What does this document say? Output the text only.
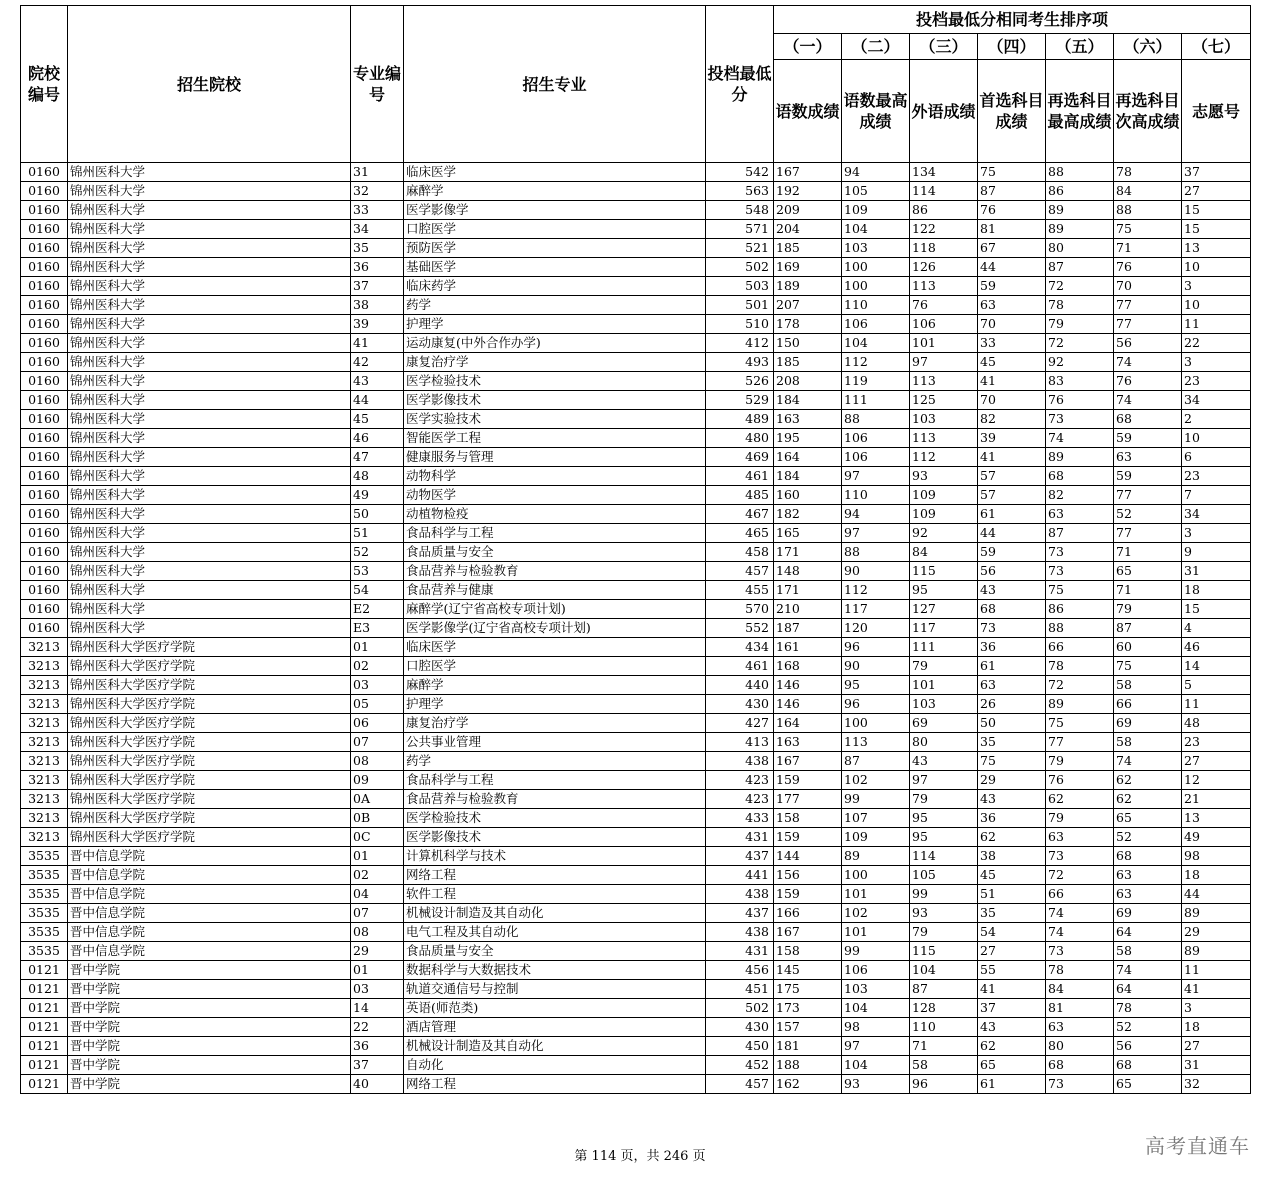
院校编号	招生院校	专业编号	招生专业	投档最低分	投档最低分相同考生排序项						
					（一）	（二）	（三）	（四）	（五）	（六）	（七）
					语数成绩	语数最高成绩	外语成绩	首选科目成绩	再选科目最高成绩	再选科目次高成绩	志愿号
0160	锦州医科大学	31	临床医学	542	167	94	134	75	88	78	37
0160	锦州医科大学	32	麻醉学	563	192	105	114	87	86	84	27
0160	锦州医科大学	33	医学影像学	548	209	109	86	76	89	88	15
0160	锦州医科大学	34	口腔医学	571	204	104	122	81	89	75	15
0160	锦州医科大学	35	预防医学	521	185	103	118	67	80	71	13
0160	锦州医科大学	36	基础医学	502	169	100	126	44	87	76	10
0160	锦州医科大学	37	临床药学	503	189	100	113	59	72	70	3
0160	锦州医科大学	38	药学	501	207	110	76	63	78	77	10
0160	锦州医科大学	39	护理学	510	178	106	106	70	79	77	11
0160	锦州医科大学	41	运动康复(中外合作办学)	412	150	104	101	33	72	56	22
0160	锦州医科大学	42	康复治疗学	493	185	112	97	45	92	74	3
0160	锦州医科大学	43	医学检验技术	526	208	119	113	41	83	76	23
0160	锦州医科大学	44	医学影像技术	529	184	111	125	70	76	74	34
0160	锦州医科大学	45	医学实验技术	489	163	88	103	82	73	68	2
0160	锦州医科大学	46	智能医学工程	480	195	106	113	39	74	59	10
0160	锦州医科大学	47	健康服务与管理	469	164	106	112	41	89	63	6
0160	锦州医科大学	48	动物科学	461	184	97	93	57	68	59	23
0160	锦州医科大学	49	动物医学	485	160	110	109	57	82	77	7
0160	锦州医科大学	50	动植物检疫	467	182	94	109	61	63	52	34
0160	锦州医科大学	51	食品科学与工程	465	165	97	92	44	87	77	3
0160	锦州医科大学	52	食品质量与安全	458	171	88	84	59	73	71	9
0160	锦州医科大学	53	食品营养与检验教育	457	148	90	115	56	73	65	31
0160	锦州医科大学	54	食品营养与健康	455	171	112	95	43	75	71	18
0160	锦州医科大学	E2	麻醉学(辽宁省高校专项计划)	570	210	117	127	68	86	79	15
0160	锦州医科大学	E3	医学影像学(辽宁省高校专项计划)	552	187	120	117	73	88	87	4
3213	锦州医科大学医疗学院	01	临床医学	434	161	96	111	36	66	60	46
3213	锦州医科大学医疗学院	02	口腔医学	461	168	90	79	61	78	75	14
3213	锦州医科大学医疗学院	03	麻醉学	440	146	95	101	63	72	58	5
3213	锦州医科大学医疗学院	05	护理学	430	146	96	103	26	89	66	11
3213	锦州医科大学医疗学院	06	康复治疗学	427	164	100	69	50	75	69	48
3213	锦州医科大学医疗学院	07	公共事业管理	413	163	113	80	35	77	58	23
3213	锦州医科大学医疗学院	08	药学	438	167	87	43	75	79	74	27
3213	锦州医科大学医疗学院	09	食品科学与工程	423	159	102	97	29	76	62	12
3213	锦州医科大学医疗学院	0A	食品营养与检验教育	423	177	99	79	43	62	62	21
3213	锦州医科大学医疗学院	0B	医学检验技术	433	158	107	95	36	79	65	13
3213	锦州医科大学医疗学院	0C	医学影像技术	431	159	109	95	62	63	52	49
3535	晋中信息学院	01	计算机科学与技术	437	144	89	114	38	73	68	98
3535	晋中信息学院	02	网络工程	441	156	100	105	45	72	63	18
3535	晋中信息学院	04	软件工程	438	159	101	99	51	66	63	44
3535	晋中信息学院	07	机械设计制造及其自动化	437	166	102	93	35	74	69	89
3535	晋中信息学院	08	电气工程及其自动化	438	167	101	79	54	74	64	29
3535	晋中信息学院	29	食品质量与安全	431	158	99	115	27	73	58	89
0121	晋中学院	01	数据科学与大数据技术	456	145	106	104	55	78	74	11
0121	晋中学院	03	轨道交通信号与控制	451	175	103	87	41	84	64	41
0121	晋中学院	14	英语(师范类)	502	173	104	128	37	81	78	3
0121	晋中学院	22	酒店管理	430	157	98	110	43	63	52	18
0121	晋中学院	36	机械设计制造及其自动化	450	181	97	71	62	80	56	27
0121	晋中学院	37	自动化	452	188	104	58	65	68	68	31
0121	晋中学院	40	网络工程	457	162	93	96	61	73	65	32
第 114 页，共 246 页	高考直通车
